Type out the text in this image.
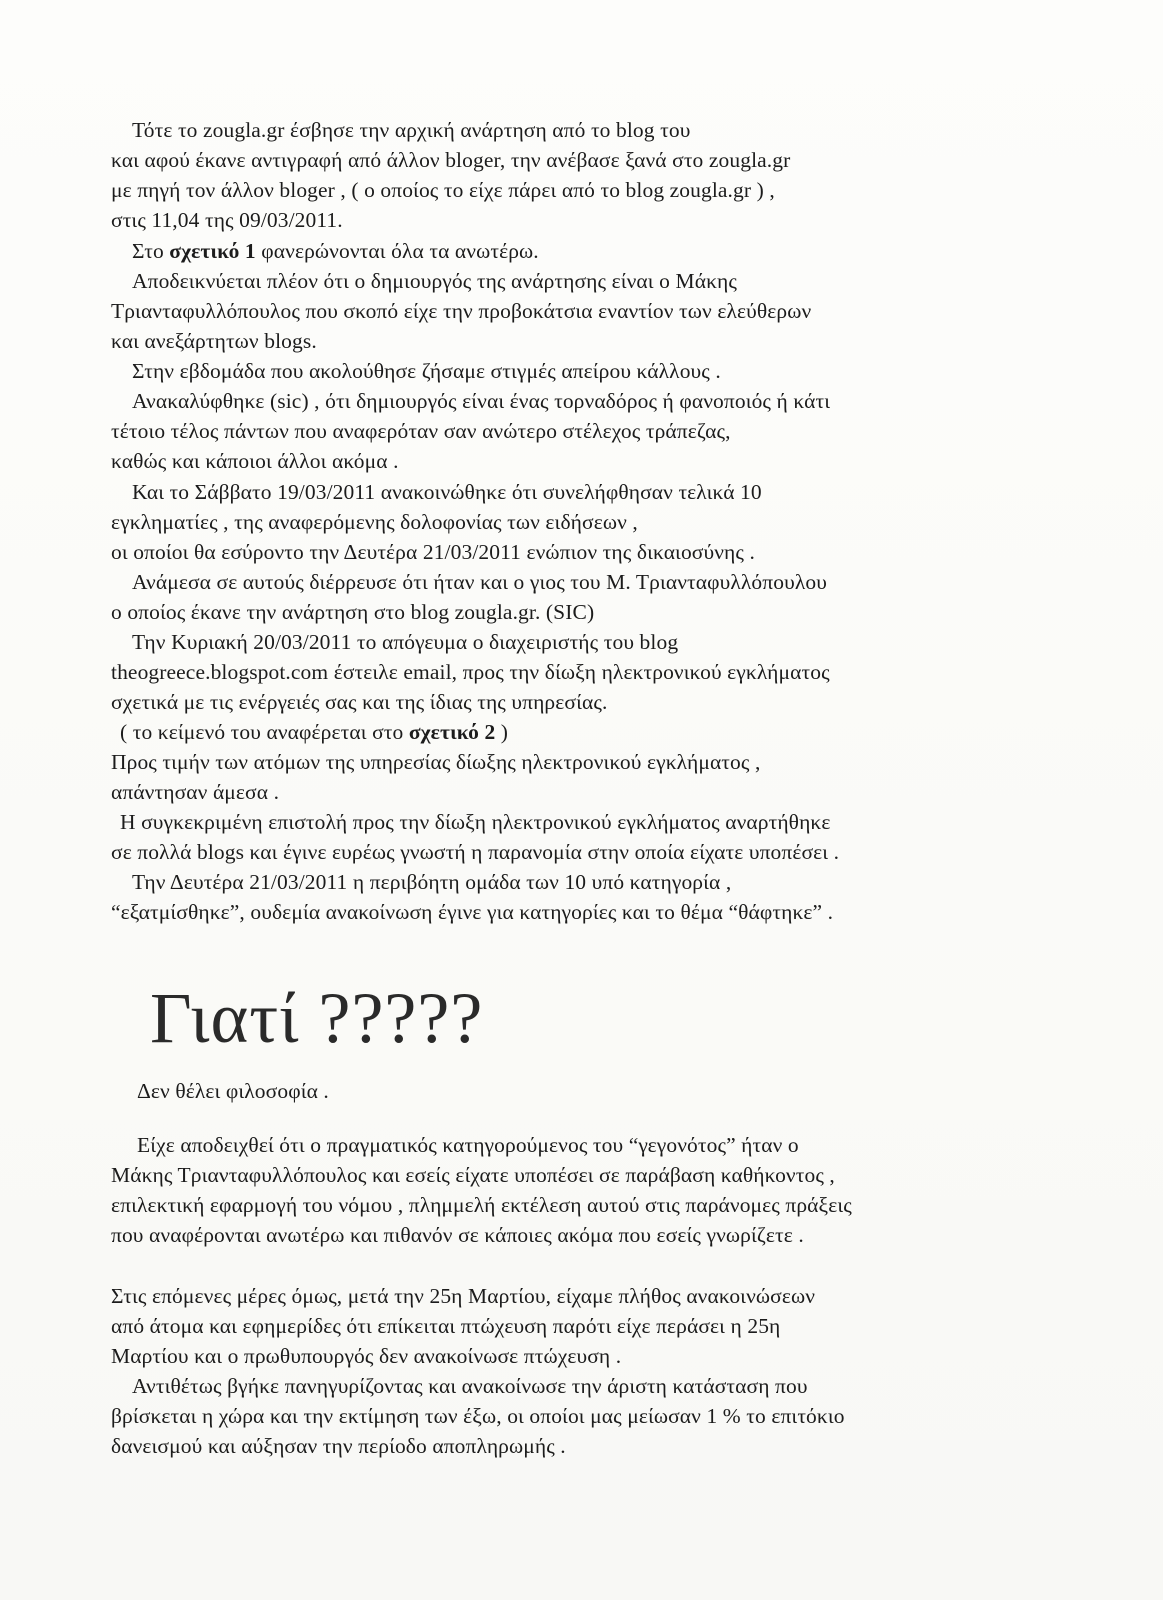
Τότε το zougla.gr έσβησε την αρχική ανάρτηση από το blog του
και αφού έκανε αντιγραφή από άλλον bloger, την ανέβασε ξανά στο zougla.gr
με πηγή τον άλλον bloger , ( ο οποίος το είχε πάρει από το blog zougla.gr ) ,
στις 11,04 της 09/03/2011.
Στο σχετικό 1 φανερώνονται όλα τα ανωτέρω.
Αποδεικνύεται πλέον ότι ο δημιουργός της ανάρτησης είναι ο Μάκης
Τριανταφυλλόπουλος που σκοπό είχε την προβοκάτσια εναντίον των ελεύθερων
και ανεξάρτητων blogs.
Στην εβδομάδα που ακολούθησε ζήσαμε στιγμές απείρου κάλλους .
Ανακαλύφθηκε (sic) , ότι δημιουργός είναι ένας τορναδόρος ή φανοποιός ή κάτι
τέτοιο τέλος πάντων που αναφερόταν σαν ανώτερο στέλεχος τράπεζας,
καθώς και κάποιοι άλλοι ακόμα .
Και το Σάββατο 19/03/2011 ανακοινώθηκε ότι συνελήφθησαν τελικά 10
εγκληματίες , της αναφερόμενης δολοφονίας των ειδήσεων ,
οι οποίοι θα εσύροντο την Δευτέρα 21/03/2011 ενώπιον της δικαιοσύνης .
Ανάμεσα σε αυτούς διέρρευσε ότι ήταν και ο γιος του Μ. Τριανταφυλλόπουλου
ο οποίος έκανε την ανάρτηση στο blog zougla.gr. (SIC)
Την Κυριακή 20/03/2011 το απόγευμα ο διαχειριστής του blog
theogreece.blogspot.com έστειλε email, προς την δίωξη ηλεκτρονικού εγκλήματος
σχετικά με τις ενέργειές σας και της ίδιας της υπηρεσίας.
( το κείμενό του αναφέρεται στο σχετικό 2 )
Προς τιμήν των ατόμων της υπηρεσίας δίωξης ηλεκτρονικού εγκλήματος ,
απάντησαν άμεσα .
Η συγκεκριμένη επιστολή προς την δίωξη ηλεκτρονικού εγκλήματος αναρτήθηκε
σε πολλά blogs και έγινε ευρέως γνωστή η παρανομία στην οποία είχατε υποπέσει .
Την Δευτέρα 21/03/2011 η περιβόητη ομάδα των 10 υπό κατηγορία ,
“εξατμίσθηκε”, ουδεμία ανακοίνωση έγινε για κατηγορίες και το θέμα “θάφτηκε” .
Γιατί ?????
Δεν θέλει φιλοσοφία .
Είχε αποδειχθεί ότι ο πραγματικός κατηγορούμενος του “γεγονότος” ήταν ο
Μάκης Τριανταφυλλόπουλος και εσείς είχατε υποπέσει σε παράβαση καθήκοντος ,
επιλεκτική εφαρμογή του νόμου , πλημμελή εκτέλεση αυτού στις παράνομες πράξεις
που αναφέρονται ανωτέρω και πιθανόν σε κάποιες ακόμα που εσείς γνωρίζετε .
Στις επόμενες μέρες όμως, μετά την 25η Μαρτίου, είχαμε πλήθος ανακοινώσεων
από άτομα και εφημερίδες ότι επίκειται πτώχευση παρότι είχε περάσει η 25η
Μαρτίου και ο πρωθυπουργός δεν ανακοίνωσε πτώχευση .
Αντιθέτως βγήκε πανηγυρίζοντας και ανακοίνωσε την άριστη κατάσταση που
βρίσκεται η χώρα και την εκτίμηση των έξω, οι οποίοι μας μείωσαν 1 % το επιτόκιο
δανεισμού και αύξησαν την περίοδο αποπληρωμής .
